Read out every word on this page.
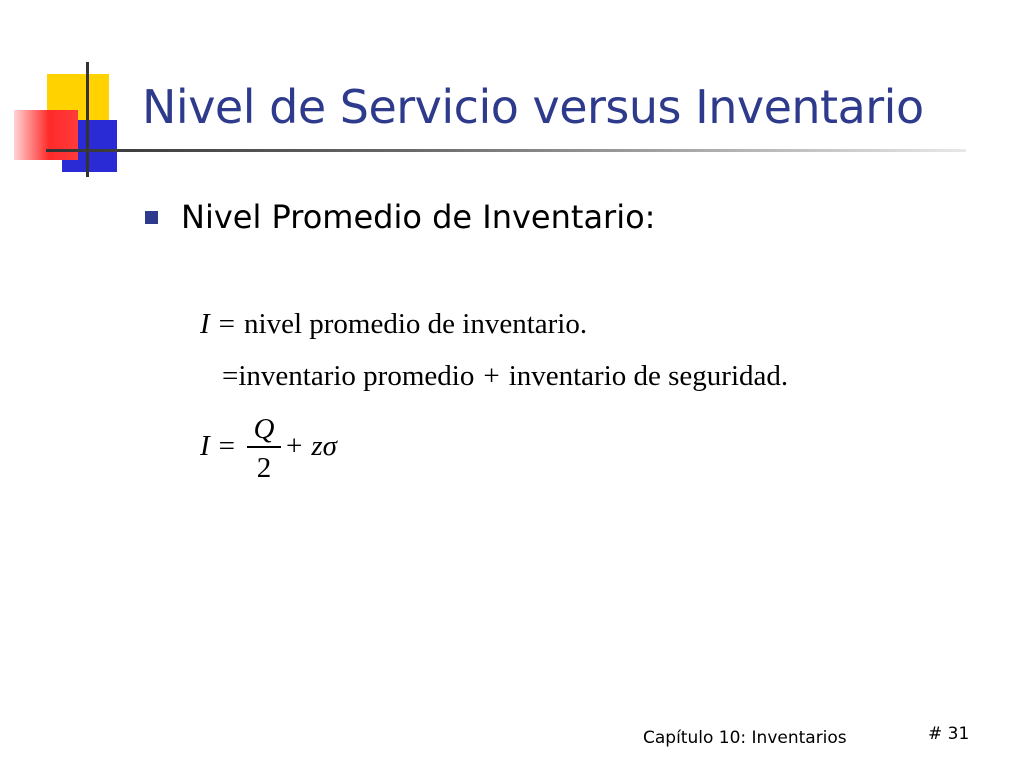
Nivel de Servicio versus Inventario
Nivel Promedio de Inventario:
I = nivel promedio de inventario.
=inventario promedio + inventario de seguridad.
I =
Q
2
+ zσ
Capítulo 10: Inventarios	# 31
